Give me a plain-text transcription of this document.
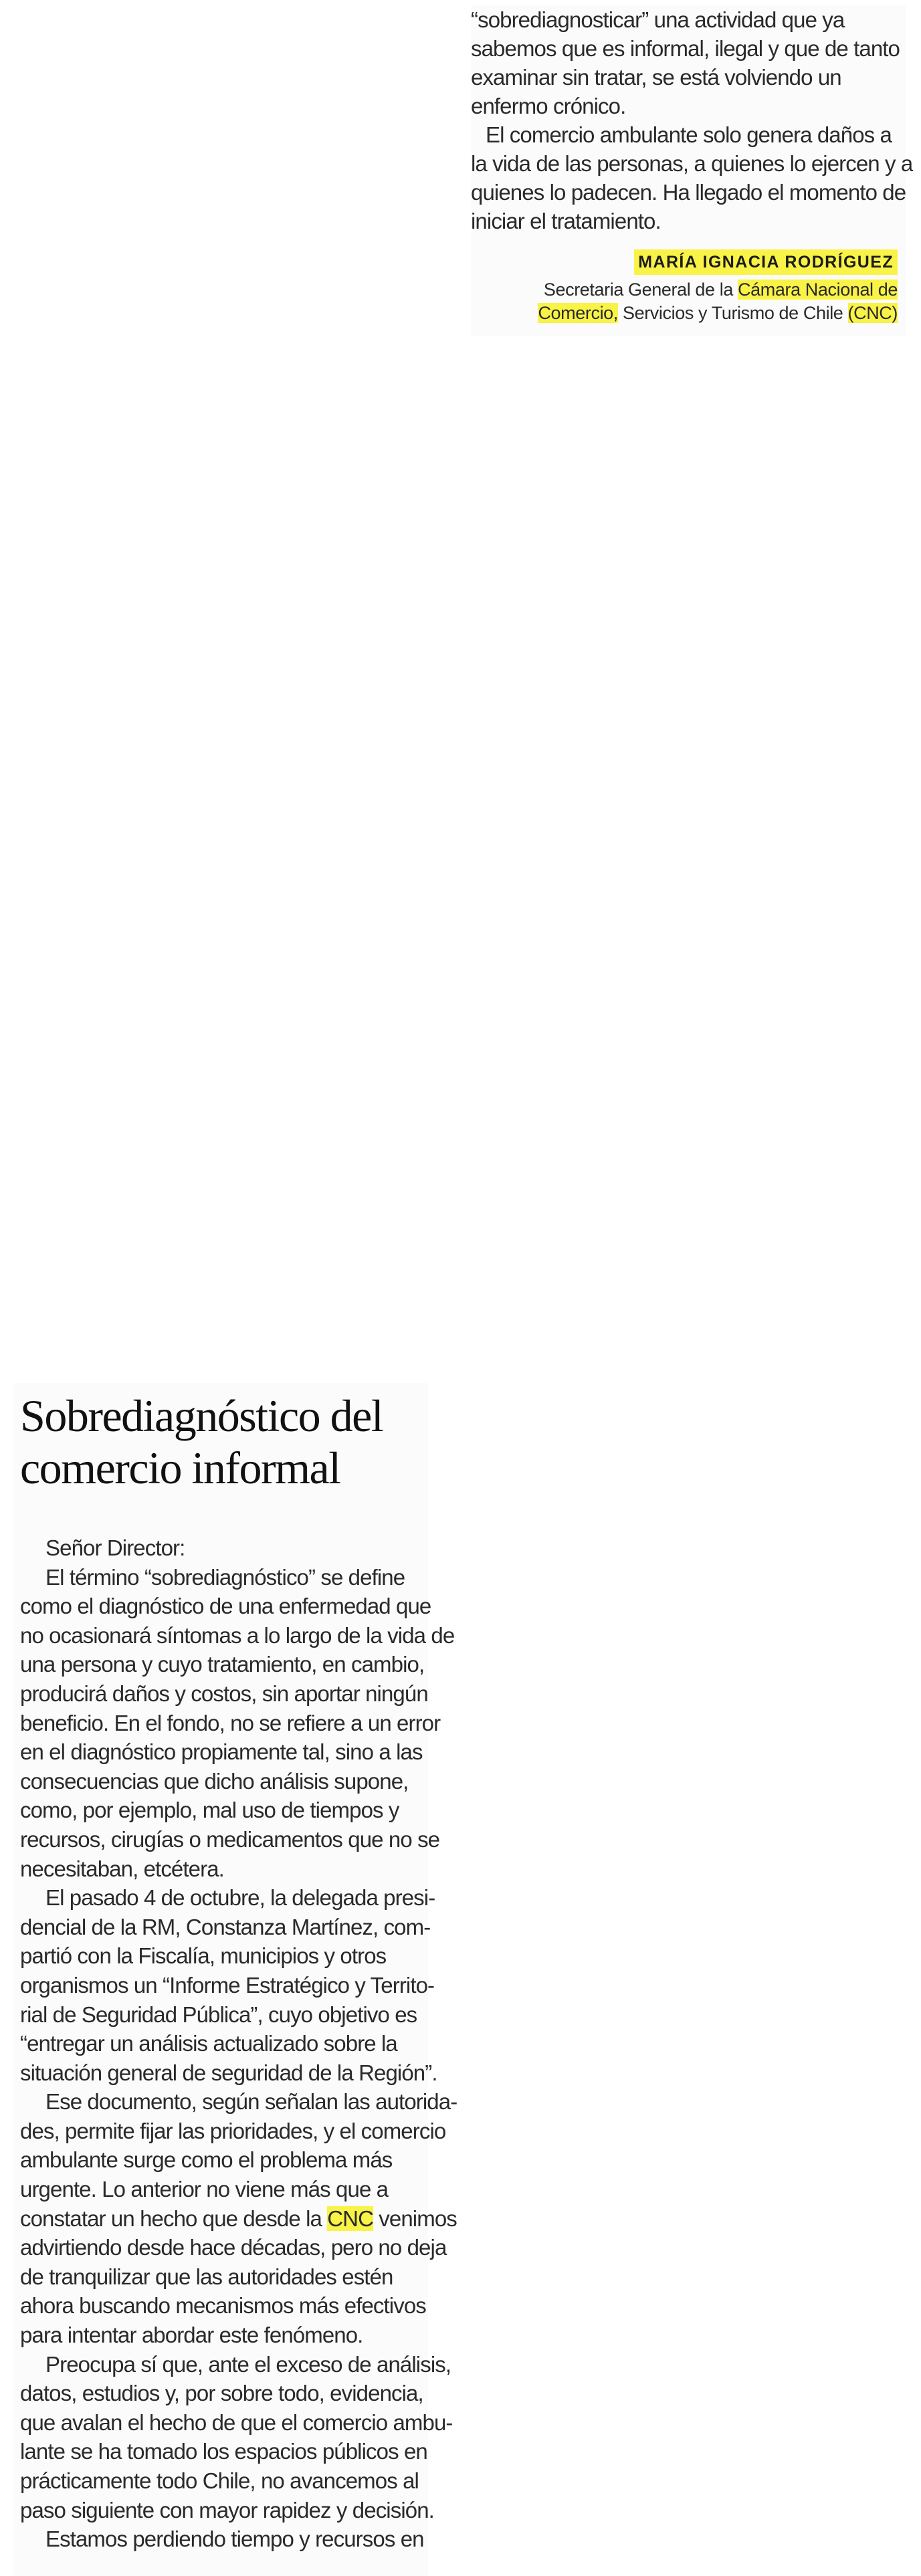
“sobrediagnosticar” una actividad que ya

sabemos que es informal, ilegal y que de tanto

examinar sin tratar, se está volviendo un

enfermo crónico.

El comercio ambulante solo genera daños a

la vida de las personas, a quienes lo ejercen y a

quienes lo padecen. Ha llegado el momento de

iniciar el tratamiento.

MARÍA IGNACIA RODRÍGUEZ
Secretaria General de la Cámara Nacional de
Comercio, Servicios y Turismo de Chile (CNC)
Sobrediagnóstico del
comercio informal

Señor Director:

El término “sobrediagnóstico” se define

como el diagnóstico de una enfermedad que

no ocasionará síntomas a lo largo de la vida de

una persona y cuyo tratamiento, en cambio,

producirá daños y costos, sin aportar ningún

beneficio. En el fondo, no se refiere a un error

en el diagnóstico propiamente tal, sino a las

consecuencias que dicho análisis supone,

como, por ejemplo, mal uso de tiempos y

recursos, cirugías o medicamentos que no se

necesitaban, etcétera.

El pasado 4 de octubre, la delegada presi-

dencial de la RM, Constanza Martínez, com-

partió con la Fiscalía, municipios y otros

organismos un “Informe Estratégico y Territo-

rial de Seguridad Pública”, cuyo objetivo es

“entregar un análisis actualizado sobre la

situación general de seguridad de la Región”.

Ese documento, según señalan las autorida-

des, permite fijar las prioridades, y el comercio

ambulante surge como el problema más

urgente. Lo anterior no viene más que a

constatar un hecho que desde la CNC venimos

advirtiendo desde hace décadas, pero no deja

de tranquilizar que las autoridades estén

ahora buscando mecanismos más efectivos

para intentar abordar este fenómeno.

Preocupa sí que, ante el exceso de análisis,

datos, estudios y, por sobre todo, evidencia,

que avalan el hecho de que el comercio ambu-

lante se ha tomado los espacios públicos en

prácticamente todo Chile, no avancemos al

paso siguiente con mayor rapidez y decisión.

Estamos perdiendo tiempo y recursos en
